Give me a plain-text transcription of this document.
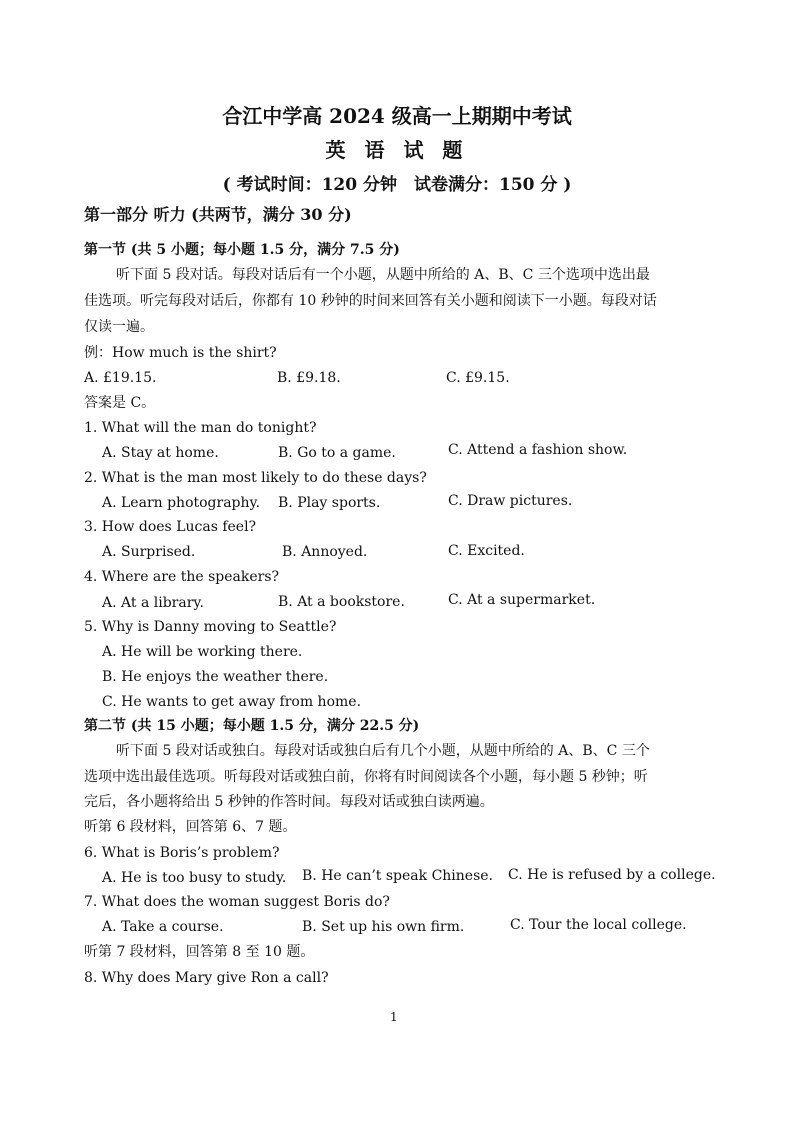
合江中学高 2024 级高一上期期中考试
英 语 试 题
( 考试时间：120 分钟　试卷满分：150 分 )
第一部分 听力 (共两节，满分 30 分)
第一节 (共 5 小题；每小题 1.5 分，满分 7.5 分)
听下面 5 段对话。每段对话后有一个小题，从题中所给的 A、B、C 三个选项中选出最
佳选项。听完每段对话后，你都有 10 秒钟的时间来回答有关小题和阅读下一小题。每段对话
仅读一遍。
例：How much is the shirt?
A. £19.15.	B. £9.18.	C. £9.15.
答案是 C。
1. What will the man do tonight?
A. Stay at home.	B. Go to a game.	C. Attend a fashion show.
2. What is the man most likely to do these days?
A. Learn photography. B. Play sports.	C. Draw pictures.
3. How does Lucas feel?
A. Surprised.	B. Annoyed.	C. Excited.
4. Where are the speakers?
A. At a library.	B. At a bookstore.	C. At a supermarket.
5. Why is Danny moving to Seattle?
A. He will be working there.
B. He enjoys the weather there.
C. He wants to get away from home.
第二节 (共 15 小题；每小题 1.5 分，满分 22.5 分)
听下面 5 段对话或独白。每段对话或独白后有几个小题，从题中所给的 A、B、C 三个
选项中选出最佳选项。听每段对话或独白前，你将有时间阅读各个小题，每小题 5 秒钟；听
完后，各小题将给出 5 秒钟的作答时间。每段对话或独白读两遍。
听第 6 段材料，回答第 6、7 题。
6. What is Boris’s problem?
A. He is too busy to study. B. He can’t speak Chinese. C. He is refused by a college.
7. What does the woman suggest Boris do?
A. Take a course.	B. Set up his own firm.	C. Tour the local college.
听第 7 段材料，回答第 8 至 10 题。
8. Why does Mary give Ron a call?
1
